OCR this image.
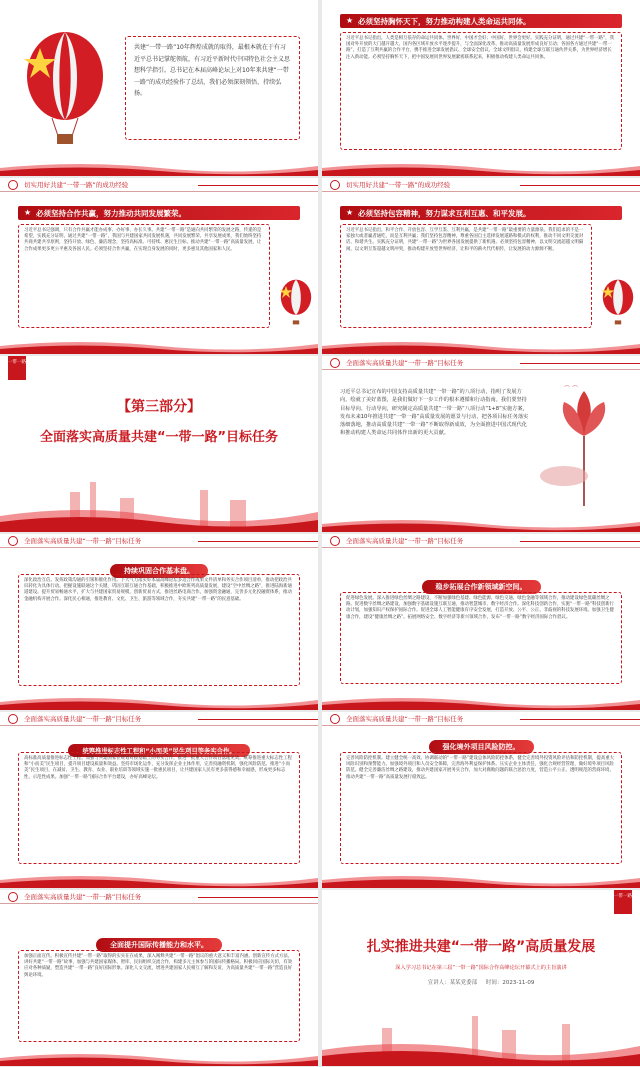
共建“一带一路”10年辉煌成就的取得，最根本就在于有习近平总书记掌舵领航，有习近平新时代中国特色社会主义思想科学指引。总书记在本届高峰论坛上对10年来共建“一带一路”的成功经验作了总结，我们必须深刻领悟、持续弘扬。
★ 必须坚持胸怀天下，努力推动构建人类命运共同体。
习近平总书记指出，人类是相互依存的命运共同体。世界好，中国才会好；中国好，世界会更好。实践充分证明，通过共建“一带一路”，我国对外开放的大门越开越大，国内各区域开放水平逐步提升，与全面深化改革、推动高质量发展形成良好互动；各国各方通过共建“一带一路”，打造了互利共赢的合作平台，携手推进全球发展倡议、全球安全倡议、全球文明倡议，构建全球互联互通伙伴关系，为世界经济增长注入新动能。必须坚持胸怀天下，把中国发展同世界发展紧密联系起来，积极推动构建人类命运共同体。
切实用好共建“一带一路”的成功经验
★ 必须坚持合作共赢，努力推动共同发展繁荣。
习近平总书记强调，只有合作共赢才能办成事、办好事、办长久事。共建“一带一路”是通向共同繁荣的发展之路，传递的是希望，实践充分证明，通过共建“一带一路”，我国与共建国家共同发展机遇，共同发展繁荣。共享发展成果，我们始终坚持共商共建共享原则，坚持开放、绿色、廉洁理念，坚持高标准、可持续、惠民生目标，推动共建“一带一路”高质量发展，让合作成果更多更公平惠及各国人民。必须坚持合作共赢，在实现自身发展的同时，更多惠及其他国家和人民。
切实用好共建“一带一路”的成功经验
★ 必须坚持包容精神，努力谋求互利互惠、和平发展。
习近平总书记指出，和平合作、开放包容、互学互鉴、互利共赢，是共建“一带一路”最重要的力量源泉。我们追求的不是一家独大或者赢者通吃，而是互利共赢；我们坚持包容精神，尊重各国自主选择发展道路和模式的权利，推动不同文明交流对话、和谐共生。实践充分证明，共建“一带一路”为世界各国发展提供了新机遇。必须坚持包容精神，以文明交流超越文明隔阂，以文明互鉴超越文明冲突，推动构建开放型世界经济，让和平的薪火代代相传，让发展的动力源源不断。
一带一路
【第三部分】
全面落实高质量共建“一带一路”目标任务
全面落实高质量共建“一带一路”目标任务
习近平总书记宣布的中国支持高质量共建“一带一路”的八项行动，指明了发展方向，绘就了美好蓝图，是我们做好下一步工作的根本遵循和行动指南。我们要坚持目标导向、行动导向，研究制定高质量共建“一带一路”八项行动“1+8”实施方案，发布未来10年推进共建“一带一路”高质量发展的愿景与行动，把各项目标任务落实落细落地，推动高质量共建“一带一路”不断取得新成效，为全面推进中国式现代化和推动构建人类命运共同体作出新的更大贡献。
⌒⌒
全面落实高质量共建“一带一路”目标任务
持续巩固合作基本盘。
深化政治互信。发挥政策沟通的引领和催化作用。下大气力落实好本届高峰论坛多边合作成果文件清单和务实合作项目清单，推动把政治共识转化为具体行动。把握设施联通这个关键，巩固互联互通合作基础，积极推进中欧班列高质量发展，建设“空中丝绸之路”，推进陆海新通道建设。提升贸易畅通水平，扩大与共建国家贸易规模，创新贸易方式，推进丝路电商合作。加强资金融通，完善多元化投融资体系，推动金融机构开展合作。深化民心相通，推进教育、文化、卫生、旅游等领域合作，夯实共建“一带一路”的民意基础。
全面落实高质量共建“一带一路”目标任务
稳步拓展合作新领域新空间。
促进绿色发展。深入推进绿色丝绸之路建设，不断加强绿色基建、绿色能源、绿色交通、绿色金融等领域合作，推动建设绿色低碳丝绸之路。促进数字丝绸之路建设，加强数字基础设施互联互通，推动智慧城市、数字经济合作。深化科技创新合作，实施“一带一路”科技创新行动计划，加强知识产权保护国际合作。促进全球人工智能健康有序安全发展，打造开放、公平、公正、非歧视的科技发展环境。加强卫生健康合作，建设“健康丝绸之路”。拓展网络安全、数字经济等新兴领域合作，发布“一带一路”数字经济国际合作倡议。
全面落实高质量共建“一带一路”目标任务
统筹推进标志性工程和“小而美”民生项目等务实合作。
高标准高质量推进标志性工程。加强与共建国家在规划对接基础上的务实合作，推进一批重大合作项目落地见效。统筹推进重大标志性工程和“小而美”民生项目，提升项目建设质量和效益。坚持市场化运作，充分发挥企业主体作用，完善投融资机制，强化风险防范。推进“小而美”民生项目，在减贫、卫生、教育、农业、职业培训等领域实施一批惠民项目，让共建国家人民有更多获得感和幸福感，形成更多标志性、示范性成果。加强“一带一路”国际合作平台建设，办好高峰论坛。
全面落实高质量共建“一带一路”目标任务
强化境外项目风险防控。
完善风险防控机制。建立健全统一高效、协调联动的“一带一路”建设总体风险防控体系，健全完善境外投资风险评估和防控机制，提高重大风险识别和预警能力。加强境外项目和人员安全保障，完善海外利益保护体系。压实企业主体责任，强化合规经营管理，做好境外项目风险防范。健全完善廉洁丝绸之路建设，推动共建国家开展务实合作，加大对腐败问题的联合惩治力度，营造公平公正、透明规范的营商环境，推动共建“一带一路”高质量发展行稳致远。
全面落实高质量共建“一带一路”目标任务
全面提升国际传播能力和水平。
加强正面宣传。积极宣传共建“一带一路”取得的实实在在成果，深入阐释共建“一带一路”倡议的重大意义和丰富内涵。创新宣传方式方法，讲好共建“一带一路”故事，加强与共建国家媒体、智库、民间组织交流合作，构建多元主体参与的国际传播格局。积极回应国际关切，有效应对各种质疑，塑造共建“一带一路”良好国际形象。深化人文交流，增进共建国家人民相互了解和友谊，为高质量共建“一带一路”营造良好舆论环境。
一带一路
扎实推进共建“一带一路”高质量发展
深入学习总书记在第三届“一带一路”国际合作高峰论坛开幕式上的主旨演讲
宣讲人：某某党委部 时间：2023-11-09
